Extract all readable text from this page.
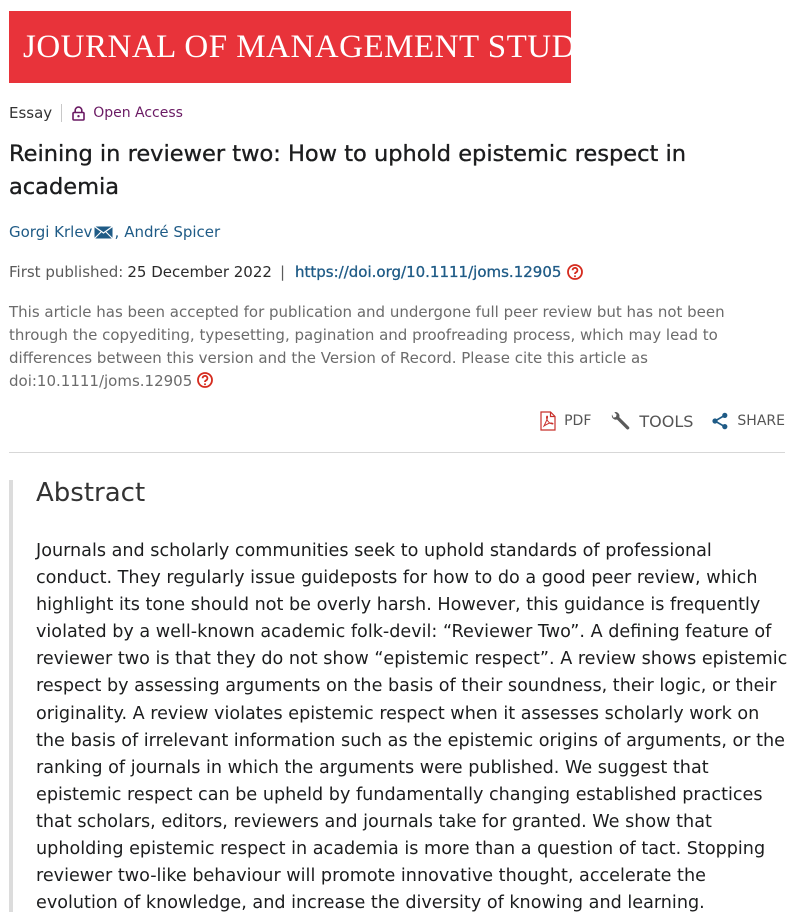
JOURNAL OF MANAGEMENT STUDIES
Essay	Open Access
Reining in reviewer two: How to uphold epistemic respect in academia
Gorgi Krlev , André Spicer
First published: 25 December 2022 | https://doi.org/10.1111/joms.12905
This article has been accepted for publication and undergone full peer review but has not been through the copyediting, typesetting, pagination and proofreading process, which may lead to differences between this version and the Version of Record. Please cite this article as doi:10.1111/joms.12905
PDF	TOOLS	SHARE
Abstract

Journals and scholarly communities seek to uphold standards of professional conduct. They regularly issue guideposts for how to do a good peer review, which highlight its tone should not be overly harsh. However, this guidance is frequently violated by a well-known academic folk-devil: “Reviewer Two”. A defining feature of reviewer two is that they do not show “epistemic respect”. A review shows epistemic respect by assessing arguments on the basis of their soundness, their logic, or their originality. A review violates epistemic respect when it assesses scholarly work on the basis of irrelevant information such as the epistemic origins of arguments, or the ranking of journals in which the arguments were published. We suggest that epistemic respect can be upheld by fundamentally changing established practices that scholars, editors, reviewers and journals take for granted. We show that upholding epistemic respect in academia is more than a question of tact. Stopping reviewer two-like behaviour will promote innovative thought, accelerate the evolution of knowledge, and increase the diversity of knowing and learning.
